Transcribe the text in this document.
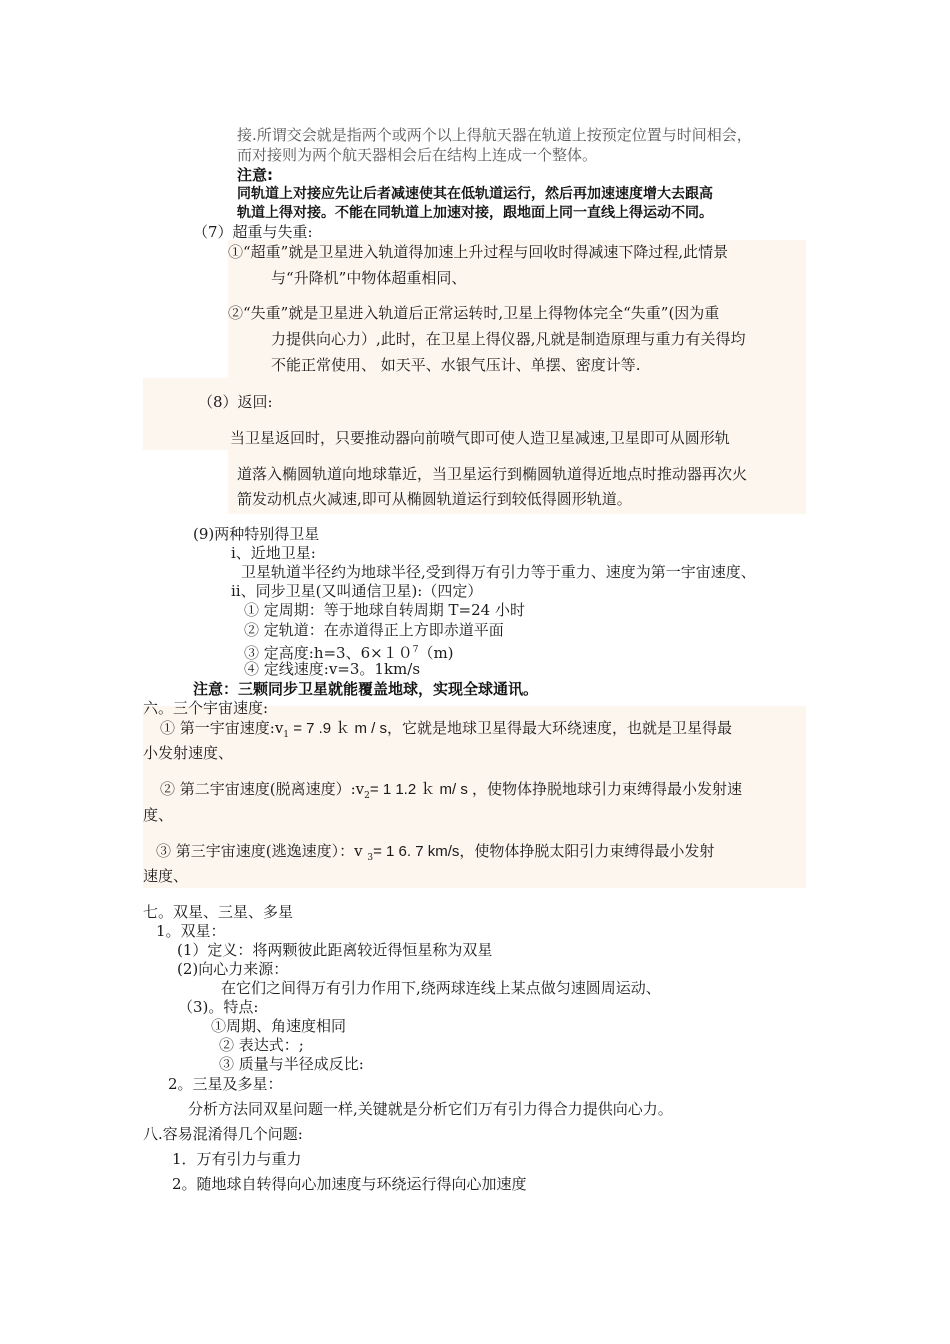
接.所谓交会就是指两个或两个以上得航天器在轨道上按预定位置与时间相会，
而对接则为两个航天器相会后在结构上连成一个整体。
注意:
同轨道上对接应先让后者减速使其在低轨道运行，然后再加速速度增大去跟高
轨道上得对接。不能在同轨道上加速对接，跟地面上同一直线上得运动不同。
（7）超重与失重:
①“超重”就是卫星进入轨道得加速上升过程与回收时得减速下降过程,此情景
与“升降机”中物体超重相同、
②“失重”就是卫星进入轨道后正常运转时,卫星上得物体完全“失重”(因为重
力提供向心力）,此时，在卫星上得仪器,凡就是制造原理与重力有关得均
不能正常使用、 如天平、水银气压计、单摆、密度计等.
（8）返回:
当卫星返回时，只要推动器向前喷气即可使人造卫星减速,卫星即可从圆形轨
道落入椭圆轨道向地球靠近，当卫星运行到椭圆轨道得近地点时推动器再次火
箭发动机点火减速,即可从椭圆轨道运行到较低得圆形轨道。
(9)两种特别得卫星
ⅰ、近地卫星:
卫星轨道半径约为地球半径,受到得万有引力等于重力、速度为第一宇宙速度、
ⅱ、同步卫星(又叫通信卫星):（四定）
① 定周期：等于地球自转周期 T=24 小时
② 定轨道：在赤道得正上方即赤道平面
③ 定高度:h=3、$6\times 10^7(m)$
④ 定线速度:v=3。1km/s
注意：三颗同步卫星就能覆盖地球，实现全球通讯。
六。三个宇宙速度:
① 第一宇宙速度$:v_1 = 7$ .9 ｋ m / s，它就是地球卫星得最大环绕速度，也就是卫星得最
小发射速度、
② 第二宇宙速度(脱离速度）$:v_2= 1$ 1.2 ｋ m/ s ，使物体挣脱地球引力束缚得最小发射速
度、
③ 第三宇宙速度(逃逸速度）：v $_3$= 1 6. 7 km/s，使物体挣脱太阳引力束缚得最小发射
速度、
七。双星、三星、多星
1。双星：
(1）定义：将两颗彼此距离较近得恒星称为双星
(2)向心力来源：
在它们之间得万有引力作用下,绕两球连线上某点做匀速圆周运动、
（3)。特点:
①周期、角速度相同
② 表达式：;
③ 质量与半径成反比:
2。三星及多星：
分析方法同双星问题一样,关键就是分析它们万有引力得合力提供向心力。
八.容易混淆得几个问题:
1．万有引力与重力
2。随地球自转得向心加速度与环绕运行得向心加速度
